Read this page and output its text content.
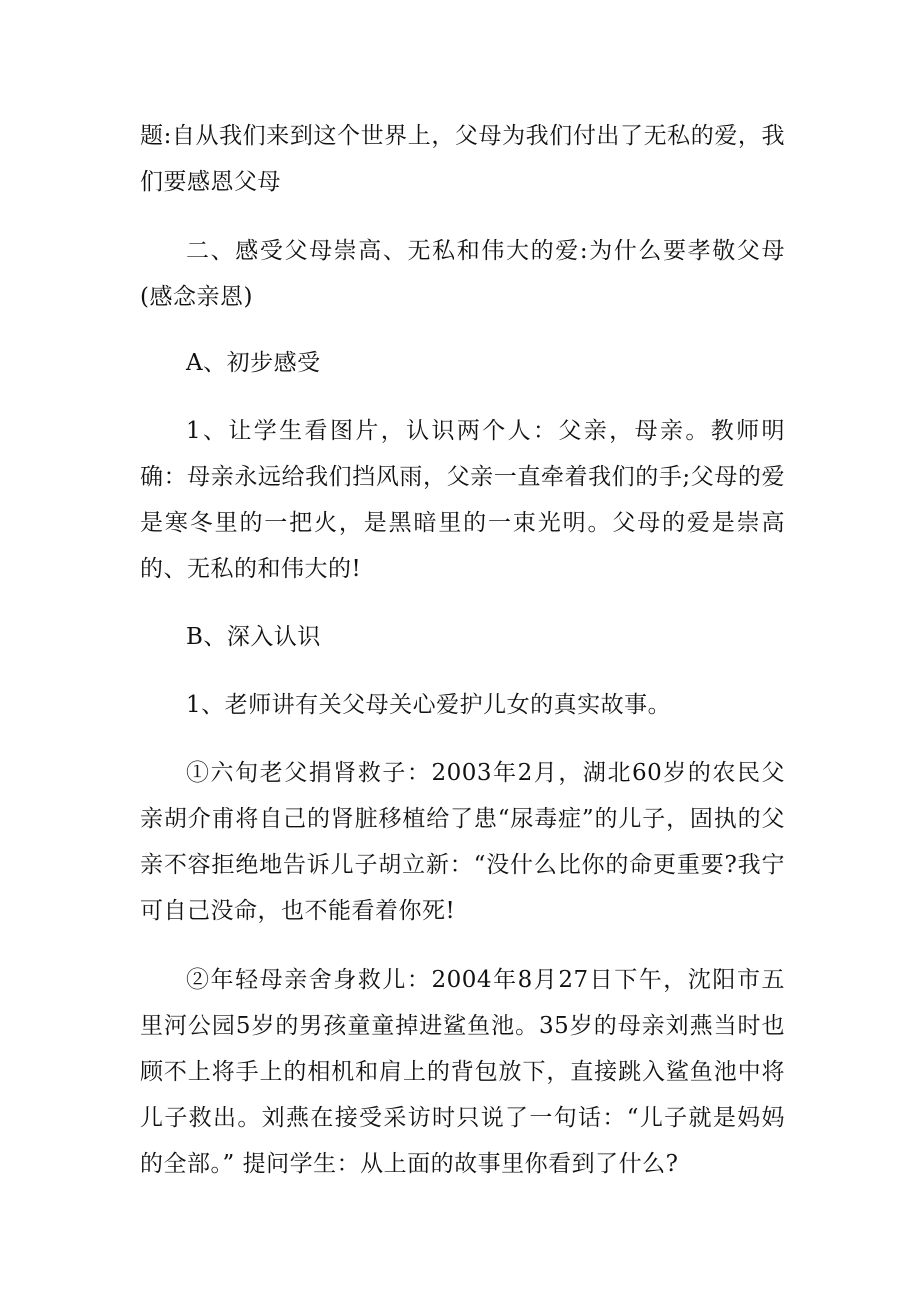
题:自从我们来到这个世界上，父母为我们付出了无私的爱，我们要感恩父母

二、感受父母崇高、无私和伟大的爱:为什么要孝敬父母(感念亲恩)

A、初步感受

1、让学生看图片，认识两个人：父亲，母亲。教师明确：母亲永远给我们挡风雨，父亲一直牵着我们的手;父母的爱是寒冬里的一把火，是黑暗里的一束光明。父母的爱是崇高的、无私的和伟大的!

B、深入认识

1、老师讲有关父母关心爱护儿女的真实故事。

①六旬老父捐肾救子：2003年2月，湖北60岁的农民父亲胡介甫将自己的肾脏移植给了患“尿毒症”的儿子，固执的父亲不容拒绝地告诉儿子胡立新：“没什么比你的命更重要?我宁可自己没命，也不能看着你死!

②年轻母亲舍身救儿：2004年8月27日下午，沈阳市五里河公园5岁的男孩童童掉进鲨鱼池。35岁的母亲刘燕当时也顾不上将手上的相机和肩上的背包放下，直接跳入鲨鱼池中将儿子救出。刘燕在接受采访时只说了一句话：“儿子就是妈妈的全部。” 提问学生：从上面的故事里你看到了什么?
